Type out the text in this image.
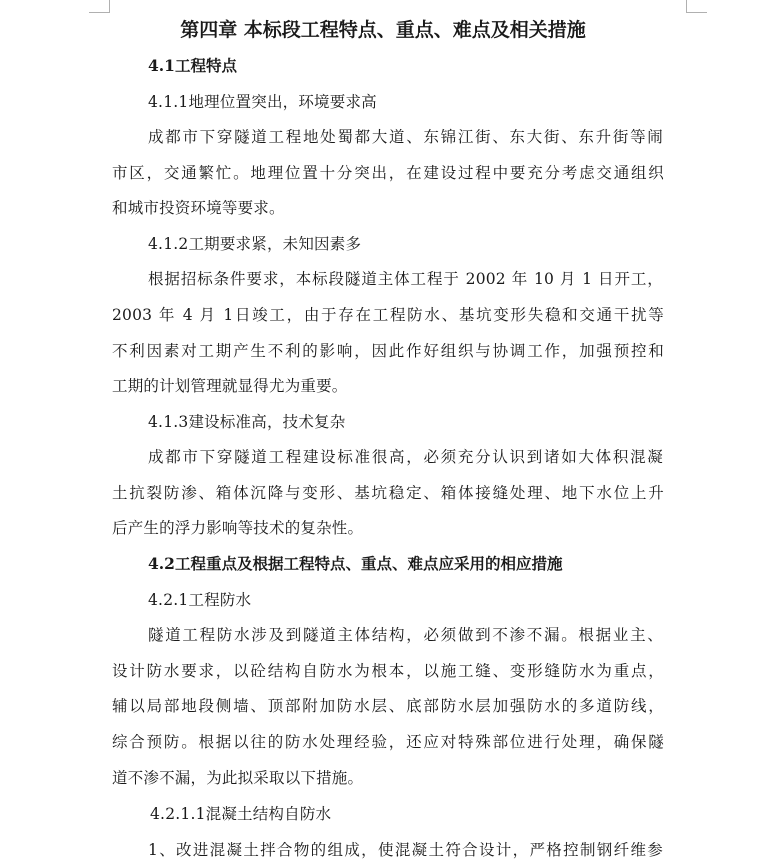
第四章 本标段工程特点、重点、难点及相关措施
4.1工程特点
4.1.1地理位置突出，环境要求高
成都市下穿隧道工程地处蜀都大道、东锦江街、东大街、东升街等闹
市区，交通繁忙。地理位置十分突出，在建设过程中要充分考虑交通组织
和城市投资环境等要求。
4.1.2工期要求紧，未知因素多
根据招标条件要求，本标段隧道主体工程于 2002 年 10 月 1 日开工，
2003 年 4 月 1日竣工，由于存在工程防水、基坑变形失稳和交通干扰等
不利因素对工期产生不利的影响，因此作好组织与协调工作，加强预控和
工期的计划管理就显得尤为重要。
4.1.3建设标准高，技术复杂
成都市下穿隧道工程建设标准很高，必须充分认识到诸如大体积混凝
土抗裂防渗、箱体沉降与变形、基坑稳定、箱体接缝处理、地下水位上升
后产生的浮力影响等技术的复杂性。
4.2工程重点及根据工程特点、重点、难点应采用的相应措施
4.2.1工程防水
隧道工程防水涉及到隧道主体结构，必须做到不渗不漏。根据业主、
设计防水要求，以砼结构自防水为根本，以施工缝、变形缝防水为重点，
辅以局部地段侧墙、顶部附加防水层、底部防水层加强防水的多道防线，
综合预防。根据以往的防水处理经验，还应对特殊部位进行处理，确保隧
道不渗不漏，为此拟采取以下措施。
4.2.1.1混凝土结构自防水
1、改进混凝土拌合物的组成，使混凝土符合设计，严格控制钢纤维参
